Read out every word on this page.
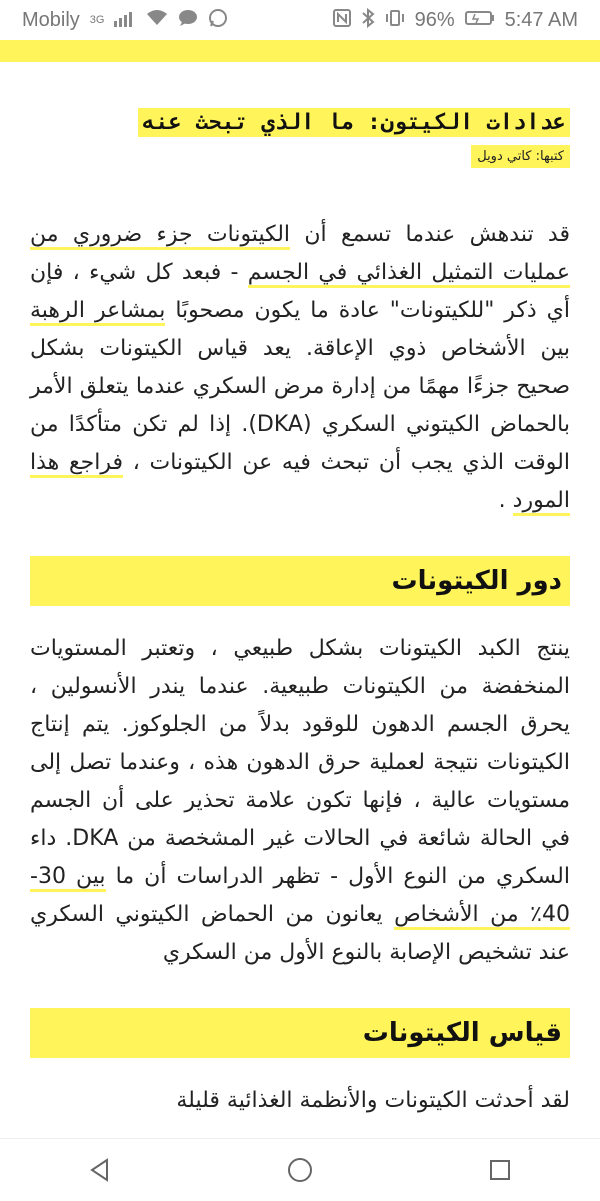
Mobily 3G	96%	5:47 AM
عدادات الكيتون: ما الذي تبحث عنه
كتبها: كاتي دويل

قد تندهش عندما تسمع أن الكيتونات جزء ضروري من عمليات التمثيل الغذائي في الجسم - فبعد كل شيء ، فإن أي ذكر "للكيتونات" عادة ما يكون مصحوبًا بمشاعر الرهبة بين الأشخاص ذوي الإعاقة. يعد قياس الكيتونات بشكل صحيح جزءًا مهمًا من إدارة مرض السكري عندما يتعلق الأمر بالحماض الكيتوني السكري (DKA). إذا لم تكن متأكدًا من الوقت الذي يجب أن تبحث فيه عن الكيتونات ، فراجع هذا المورد .

دور الكيتونات

ينتج الكبد الكيتونات بشكل طبيعي ، وتعتبر المستويات المنخفضة من الكيتونات طبيعية. عندما يندر الأنسولين ، يحرق الجسم الدهون للوقود بدلاً من الجلوكوز. يتم إنتاج الكيتونات نتيجة لعملية حرق الدهون هذه ، وعندما تصل إلى مستويات عالية ، فإنها تكون علامة تحذير على أن الجسم في الحالة شائعة في الحالات غير المشخصة من DKA. داء السكري من النوع الأول - تظهر الدراسات أن ما بين 30-40٪ من الأشخاص يعانون من الحماض الكيتوني السكري عند تشخيص الإصابة بالنوع الأول من السكري

قياس الكيتونات

لقد أحدثت الكيتونات والأنظمة الغذائية قليلة
